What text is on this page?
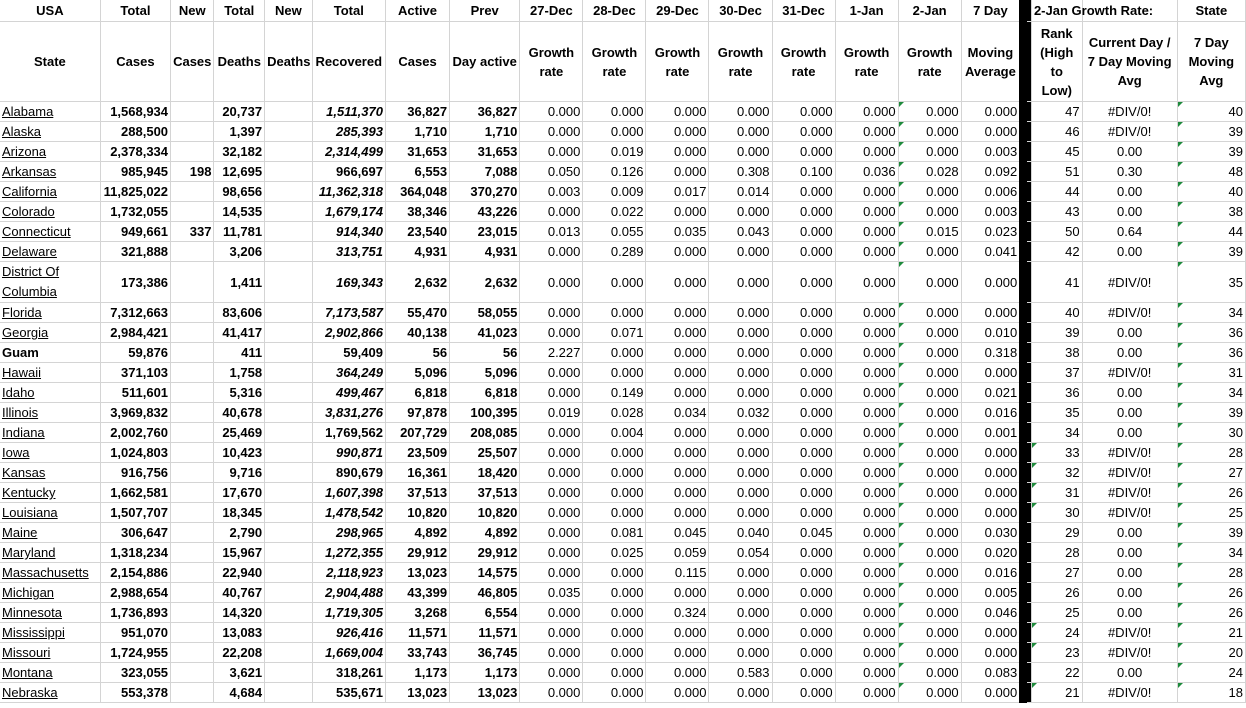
USA	Total	New	Total	New	Total	Active	Prev	27-Dec	28-Dec	29-Dec	30-Dec	31-Dec	1-Jan	2-Jan	7 Day		2-Jan Growth Rate:		State
State	Cases	Cases	Deaths	Deaths	Recovered	Cases	Day active	Growth rate	Growth rate	Growth rate	Growth rate	Growth rate	Growth rate	Growth rate	Moving Average		Rank (High to Low)	Current Day / 7 Day Moving Avg	7 Day Moving Avg
Alabama	1,568,934		20,737		1,511,370	36,827	36,827	0.000	0.000	0.000	0.000	0.000	0.000	0.000	0.000		47	#DIV/0!	40
Alaska	288,500		1,397		285,393	1,710	1,710	0.000	0.000	0.000	0.000	0.000	0.000	0.000	0.000		46	#DIV/0!	39
Arizona	2,378,334		32,182		2,314,499	31,653	31,653	0.000	0.019	0.000	0.000	0.000	0.000	0.000	0.003		45	0.00	39
Arkansas	985,945	198	12,695		966,697	6,553	7,088	0.050	0.126	0.000	0.308	0.100	0.036	0.028	0.092		51	0.30	48
California	11,825,022		98,656		11,362,318	364,048	370,270	0.003	0.009	0.017	0.014	0.000	0.000	0.000	0.006		44	0.00	40
Colorado	1,732,055		14,535		1,679,174	38,346	43,226	0.000	0.022	0.000	0.000	0.000	0.000	0.000	0.003		43	0.00	38
Connecticut	949,661	337	11,781		914,340	23,540	23,015	0.013	0.055	0.035	0.043	0.000	0.000	0.015	0.023		50	0.64	44
Delaware	321,888		3,206		313,751	4,931	4,931	0.000	0.289	0.000	0.000	0.000	0.000	0.000	0.041		42	0.00	39
District Of Columbia	173,386		1,411		169,343	2,632	2,632	0.000	0.000	0.000	0.000	0.000	0.000	0.000	0.000		41	#DIV/0!	35
Florida	7,312,663		83,606		7,173,587	55,470	58,055	0.000	0.000	0.000	0.000	0.000	0.000	0.000	0.000		40	#DIV/0!	34
Georgia	2,984,421		41,417		2,902,866	40,138	41,023	0.000	0.071	0.000	0.000	0.000	0.000	0.000	0.010		39	0.00	36
Guam	59,876		411		59,409	56	56	2.227	0.000	0.000	0.000	0.000	0.000	0.000	0.318		38	0.00	36
Hawaii	371,103		1,758		364,249	5,096	5,096	0.000	0.000	0.000	0.000	0.000	0.000	0.000	0.000		37	#DIV/0!	31
Idaho	511,601		5,316		499,467	6,818	6,818	0.000	0.149	0.000	0.000	0.000	0.000	0.000	0.021		36	0.00	34
Illinois	3,969,832		40,678		3,831,276	97,878	100,395	0.019	0.028	0.034	0.032	0.000	0.000	0.000	0.016		35	0.00	39
Indiana	2,002,760		25,469		1,769,562	207,729	208,085	0.000	0.004	0.000	0.000	0.000	0.000	0.000	0.001		34	0.00	30
Iowa	1,024,803		10,423		990,871	23,509	25,507	0.000	0.000	0.000	0.000	0.000	0.000	0.000	0.000		33	#DIV/0!	28
Kansas	916,756		9,716		890,679	16,361	18,420	0.000	0.000	0.000	0.000	0.000	0.000	0.000	0.000		32	#DIV/0!	27
Kentucky	1,662,581		17,670		1,607,398	37,513	37,513	0.000	0.000	0.000	0.000	0.000	0.000	0.000	0.000		31	#DIV/0!	26
Louisiana	1,507,707		18,345		1,478,542	10,820	10,820	0.000	0.000	0.000	0.000	0.000	0.000	0.000	0.000		30	#DIV/0!	25
Maine	306,647		2,790		298,965	4,892	4,892	0.000	0.081	0.045	0.040	0.045	0.000	0.000	0.030		29	0.00	39
Maryland	1,318,234		15,967		1,272,355	29,912	29,912	0.000	0.025	0.059	0.054	0.000	0.000	0.000	0.020		28	0.00	34
Massachusetts	2,154,886		22,940		2,118,923	13,023	14,575	0.000	0.000	0.115	0.000	0.000	0.000	0.000	0.016		27	0.00	28
Michigan	2,988,654		40,767		2,904,488	43,399	46,805	0.035	0.000	0.000	0.000	0.000	0.000	0.000	0.005		26	0.00	26
Minnesota	1,736,893		14,320		1,719,305	3,268	6,554	0.000	0.000	0.324	0.000	0.000	0.000	0.000	0.046		25	0.00	26
Mississippi	951,070		13,083		926,416	11,571	11,571	0.000	0.000	0.000	0.000	0.000	0.000	0.000	0.000		24	#DIV/0!	21
Missouri	1,724,955		22,208		1,669,004	33,743	36,745	0.000	0.000	0.000	0.000	0.000	0.000	0.000	0.000		23	#DIV/0!	20
Montana	323,055		3,621		318,261	1,173	1,173	0.000	0.000	0.000	0.583	0.000	0.000	0.000	0.083		22	0.00	24
Nebraska	553,378		4,684		535,671	13,023	13,023	0.000	0.000	0.000	0.000	0.000	0.000	0.000	0.000		21	#DIV/0!	18
